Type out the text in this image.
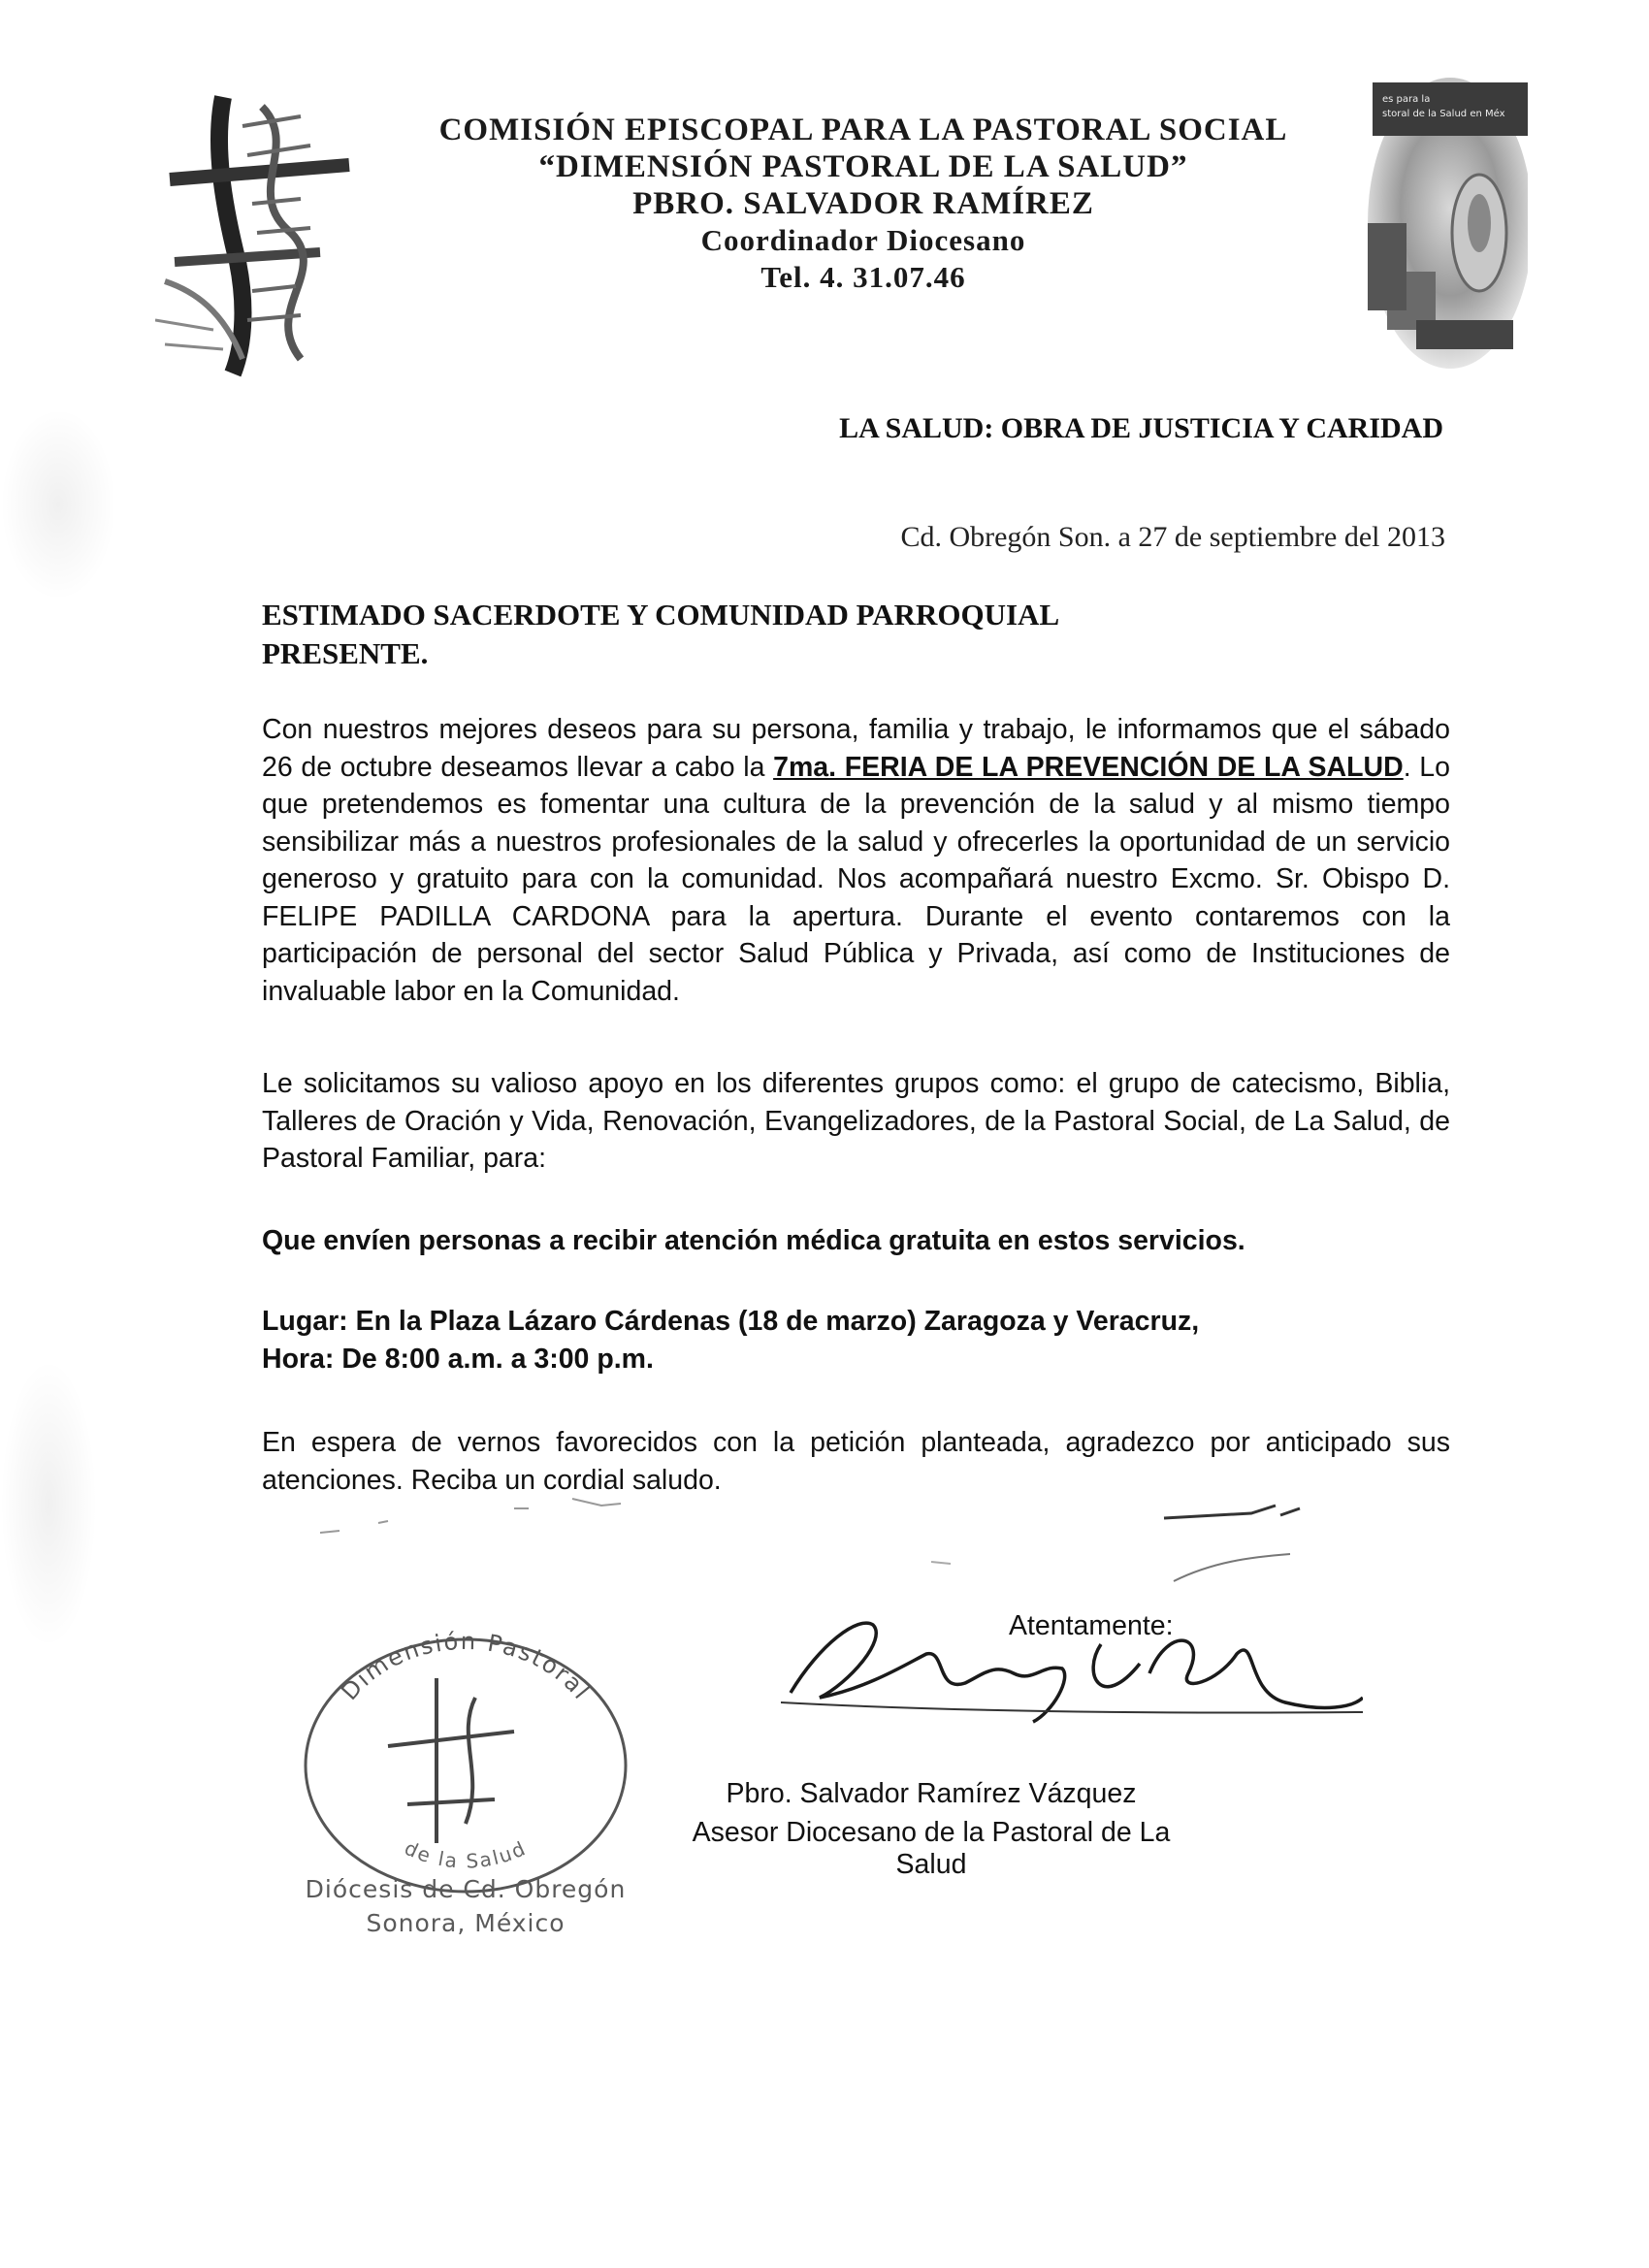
es para la
storal de la Salud en Méx
COMISIÓN EPISCOPAL PARA LA PASTORAL SOCIAL
“DIMENSIÓN PASTORAL DE LA SALUD”
PBRO. SALVADOR RAMÍREZ
Coordinador Diocesano
Tel. 4. 31.07.46
LA SALUD: OBRA DE JUSTICIA Y CARIDAD
Cd. Obregón Son. a 27 de septiembre del 2013
ESTIMADO SACERDOTE Y COMUNIDAD PARROQUIAL
PRESENTE.
Con nuestros mejores deseos para su persona, familia y trabajo, le informamos que el sábado 26 de octubre deseamos llevar a cabo la 7ma. FERIA DE LA PREVENCIÓN DE LA SALUD. Lo que pretendemos es fomentar una cultura de la prevención de la salud y al mismo tiempo sensibilizar más a nuestros profesionales de la salud y ofrecerles la oportunidad de un servicio generoso y gratuito para con la comunidad. Nos acompañará nuestro Excmo. Sr. Obispo D. FELIPE PADILLA CARDONA para la apertura. Durante el evento contaremos con la participación de personal del sector Salud Pública y Privada, así como de Instituciones de invaluable labor en la Comunidad.
Le solicitamos su valioso apoyo en los diferentes grupos como: el grupo de catecismo, Biblia, Talleres de Oración y Vida, Renovación, Evangelizadores, de la Pastoral Social, de La Salud, de Pastoral Familiar, para:
Que envíen personas a recibir atención médica gratuita en estos servicios.
Lugar: En la Plaza Lázaro Cárdenas (18 de marzo) Zaragoza y Veracruz,
Hora: De 8:00 a.m. a 3:00 p.m.
En espera de vernos favorecidos con la petición planteada, agradezco por anticipado sus atenciones. Reciba un cordial saludo.
Atentamente:
Pbro. Salvador Ramírez Vázquez
Asesor Diocesano de la Pastoral de La Salud
Dimensión Pastoral
de la Salud
Diócesis de Cd. Obregón
Sonora, México
